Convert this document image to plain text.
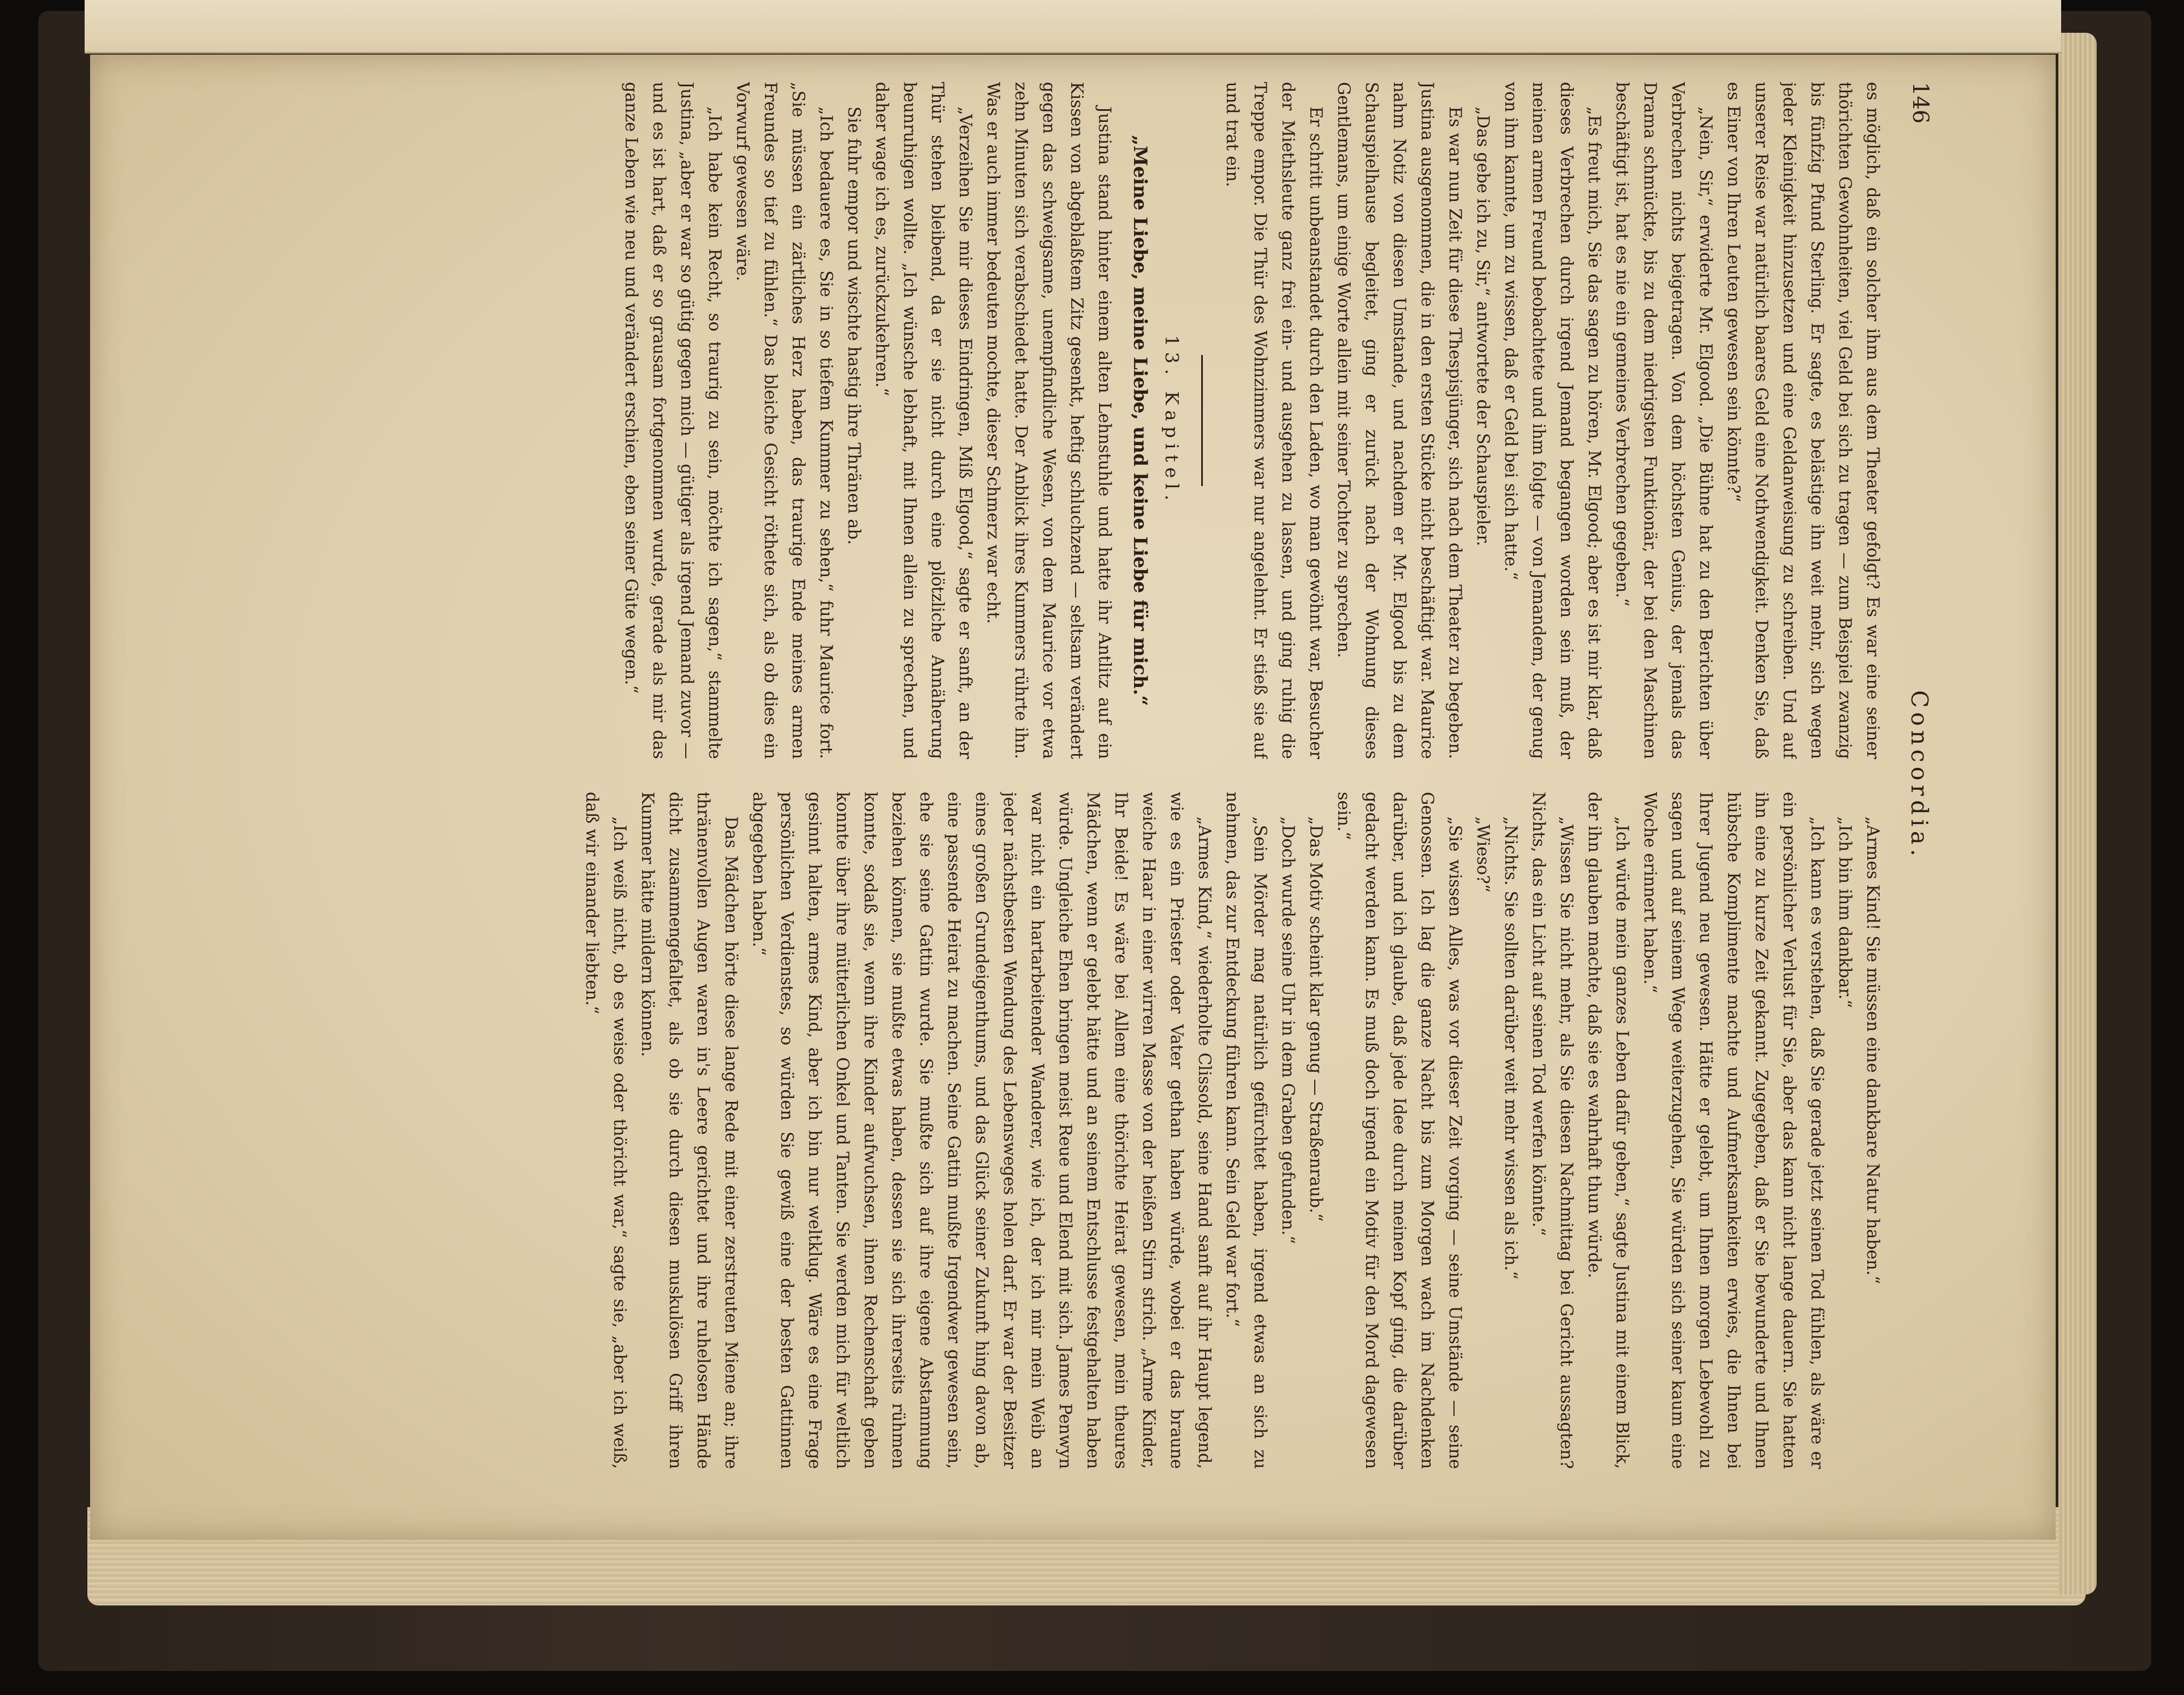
146
Concordia.

es möglich, daß ein solcher ihm aus dem Theater gefolgt? Es war eine seiner thörichten Gewohnheiten, viel Geld bei sich zu tragen — zum Beispiel zwanzig bis fünfzig Pfund Sterling. Er sagte, es belästige ihn weit mehr, sich wegen jeder Kleinigkeit hinzusetzen und eine Geldanweisung zu schreiben. Und auf unserer Reise war natürlich baares Geld eine Nothwendigkeit. Denken Sie, daß es Einer von Ihren Leuten gewesen sein könnte?“

„Nein, Sir,“ erwiderte Mr. Elgood. „Die Bühne hat zu den Berichten über Verbrechen nichts beigetragen. Von dem höchsten Genius, der jemals das Drama schmückte, bis zu dem niedrigsten Funktionär, der bei den Maschinen beschäftigt ist, hat es nie ein gemeines Verbrechen gegeben.“

„Es freut mich, Sie das sagen zu hören, Mr. Elgood; aber es ist mir klar, daß dieses Verbrechen durch irgend Jemand begangen worden sein muß, der meinen armen Freund beobachtete und ihm folgte — von Jemandem, der genug von ihm kannte, um zu wissen, daß er Geld bei sich hatte.“

„Das gebe ich zu, Sir,“ antwortete der Schauspieler.

Es war nun Zeit für diese Thespisjünger, sich nach dem Theater zu begeben. Justina ausgenommen, die in den ersten Stücke nicht beschäftigt war. Maurice nahm Notiz von diesen Umstande, und nachdem er Mr. Elgood bis zu dem Schauspielhause begleitet, ging er zurück nach der Wohnung dieses Gentlemans, um einige Worte allein mit seiner Tochter zu sprechen.

Er schritt unbeanstandet durch den Laden, wo man gewöhnt war, Besucher der Miethsleute ganz frei ein- und ausgehen zu lassen, und ging ruhig die Treppe empor. Die Thür des Wohnzimmers war nur angelehnt. Er stieß sie auf und trat ein.

13. Kapitel.

„Meine Liebe, meine Liebe, und keine Liebe für mich.“

Justina stand hinter einem alten Lehnstuhle und hatte ihr Antlitz auf ein Kissen von abgeblaßtem Zitz gesenkt, heftig schluchzend — seltsam verändert gegen das schweigsame, unempfindliche Wesen, von dem Maurice vor etwa zehn Minuten sich verabschiedet hatte. Der Anblick ihres Kummers rührte ihn. Was er auch immer bedeuten mochte, dieser Schmerz war echt.

„Verzeihen Sie mir dieses Eindringen, Miß Elgood,“ sagte er sanft, an der Thür stehen bleibend, da er sie nicht durch eine plötzliche Annäherung beunruhigen wollte. „Ich wünsche lebhaft, mit Ihnen allein zu sprechen, und daher wage ich es, zurückzukehren.“

Sie fuhr empor und wischte hastig ihre Thränen ab.

„Ich bedauere es, Sie in so tiefem Kummer zu sehen,“ fuhr Maurice fort. „Sie müssen ein zärtliches Herz haben, das traurige Ende meines armen Freundes so tief zu fühlen.“ Das bleiche Gesicht röthete sich, als ob dies ein Vorwurf gewesen wäre.

„Ich habe kein Recht, so traurig zu sein, möchte ich sagen,“ stammelte Justina, „aber er war so gütig gegen mich — gütiger als irgend Jemand zuvor — und es ist hart, daß er so grausam fortgenommen wurde, gerade als mir das ganze Leben wie neu und verändert erschien, eben seiner Güte wegen.“

„Armes Kind! Sie müssen eine dankbare Natur haben.“

„Ich bin ihm dankbar.“

„Ich kann es verstehen, daß Sie gerade jetzt seinen Tod fühlen, als wäre er ein persönlicher Verlust für Sie, aber das kann nicht lange dauern. Sie hatten ihn eine zu kurze Zeit gekannt. Zugegeben, daß er Sie bewunderte und Ihnen hübsche Komplimente machte und Aufmerksamkeiten erwies, die Ihnen bei Ihrer Jugend neu gewesen. Hätte er gelebt, um Ihnen morgen Lebewohl zu sagen und auf seinem Wege weiterzugehen, Sie würden sich seiner kaum eine Woche erinnert haben.“

„Ich würde mein ganzes Leben dafür geben,“ sagte Justina mit einem Blick, der ihn glauben machte, daß sie es wahrhaft thun würde.

„Wissen Sie nicht mehr, als Sie diesen Nachmittag bei Gericht aussagten? Nichts, das ein Licht auf seinen Tod werfen könnte.“

„Nichts. Sie sollten darüber weit mehr wissen als ich.“

„Wieso?“

„Sie wissen Alles, was vor dieser Zeit vorging — seine Umstände — seine Genossen. Ich lag die ganze Nacht bis zum Morgen wach im Nachdenken darüber, und ich glaube, daß jede Idee durch meinen Kopf ging, die darüber gedacht werden kann. Es muß doch irgend ein Motiv für den Mord dagewesen sein.“

„Das Motiv scheint klar genug — Straßenraub.“

„Doch wurde seine Uhr in dem Graben gefunden.“

„Sein Mörder mag natürlich gefürchtet haben, irgend etwas an sich zu nehmen, das zur Entdeckung führen kann. Sein Geld war fort.“

„Armes Kind,“ wiederholte Clissold, seine Hand sanft auf ihr Haupt legend, wie es ein Priester oder Vater gethan haben würde, wobei er das braune weiche Haar in einer wirren Masse von der heißen Stirn strich. „Arme Kinder, Ihr Beide! Es wäre bei Allem eine thörichte Heirat gewesen, mein theures Mädchen, wenn er gelebt hätte und an seinem Entschlusse festgehalten haben würde. Ungleiche Ehen bringen meist Reue und Elend mit sich. James Penwyn war nicht ein hartarbeitender Wanderer, wie ich, der ich mir mein Weib an jeder nächstbesten Wendung des Lebensweges holen darf. Er war der Besitzer eines großen Grundeigenthums, und das Glück seiner Zukunft hing davon ab, eine passende Heirat zu machen. Seine Gattin mußte Irgendwer gewesen sein, ehe sie seine Gattin wurde. Sie mußte sich auf ihre eigene Abstammung beziehen können, sie mußte etwas haben, dessen sie sich ihrerseits rühmen konnte, sodaß sie, wenn ihre Kinder aufwuchsen, ihnen Rechenschaft geben konnte über ihre mütterlichen Onkel und Tanten. Sie werden mich für weltlich gesinnt halten, armes Kind, aber ich bin nur weltklug. Wäre es eine Frage persönlichen Verdienstes, so würden Sie gewiß eine der besten Gattinnen abgegeben haben.“

Das Mädchen hörte diese lange Rede mit einer zerstreuten Miene an; ihre thränenvollen Augen waren in's Leere gerichtet und ihre ruhelosen Hände dicht zusammengefaltet, als ob sie durch diesen muskulösen Griff ihren Kummer hätte mildern können.

„Ich weiß nicht, ob es weise oder thöricht war,“ sagte sie, „aber ich weiß, daß wir einander liebten.“
